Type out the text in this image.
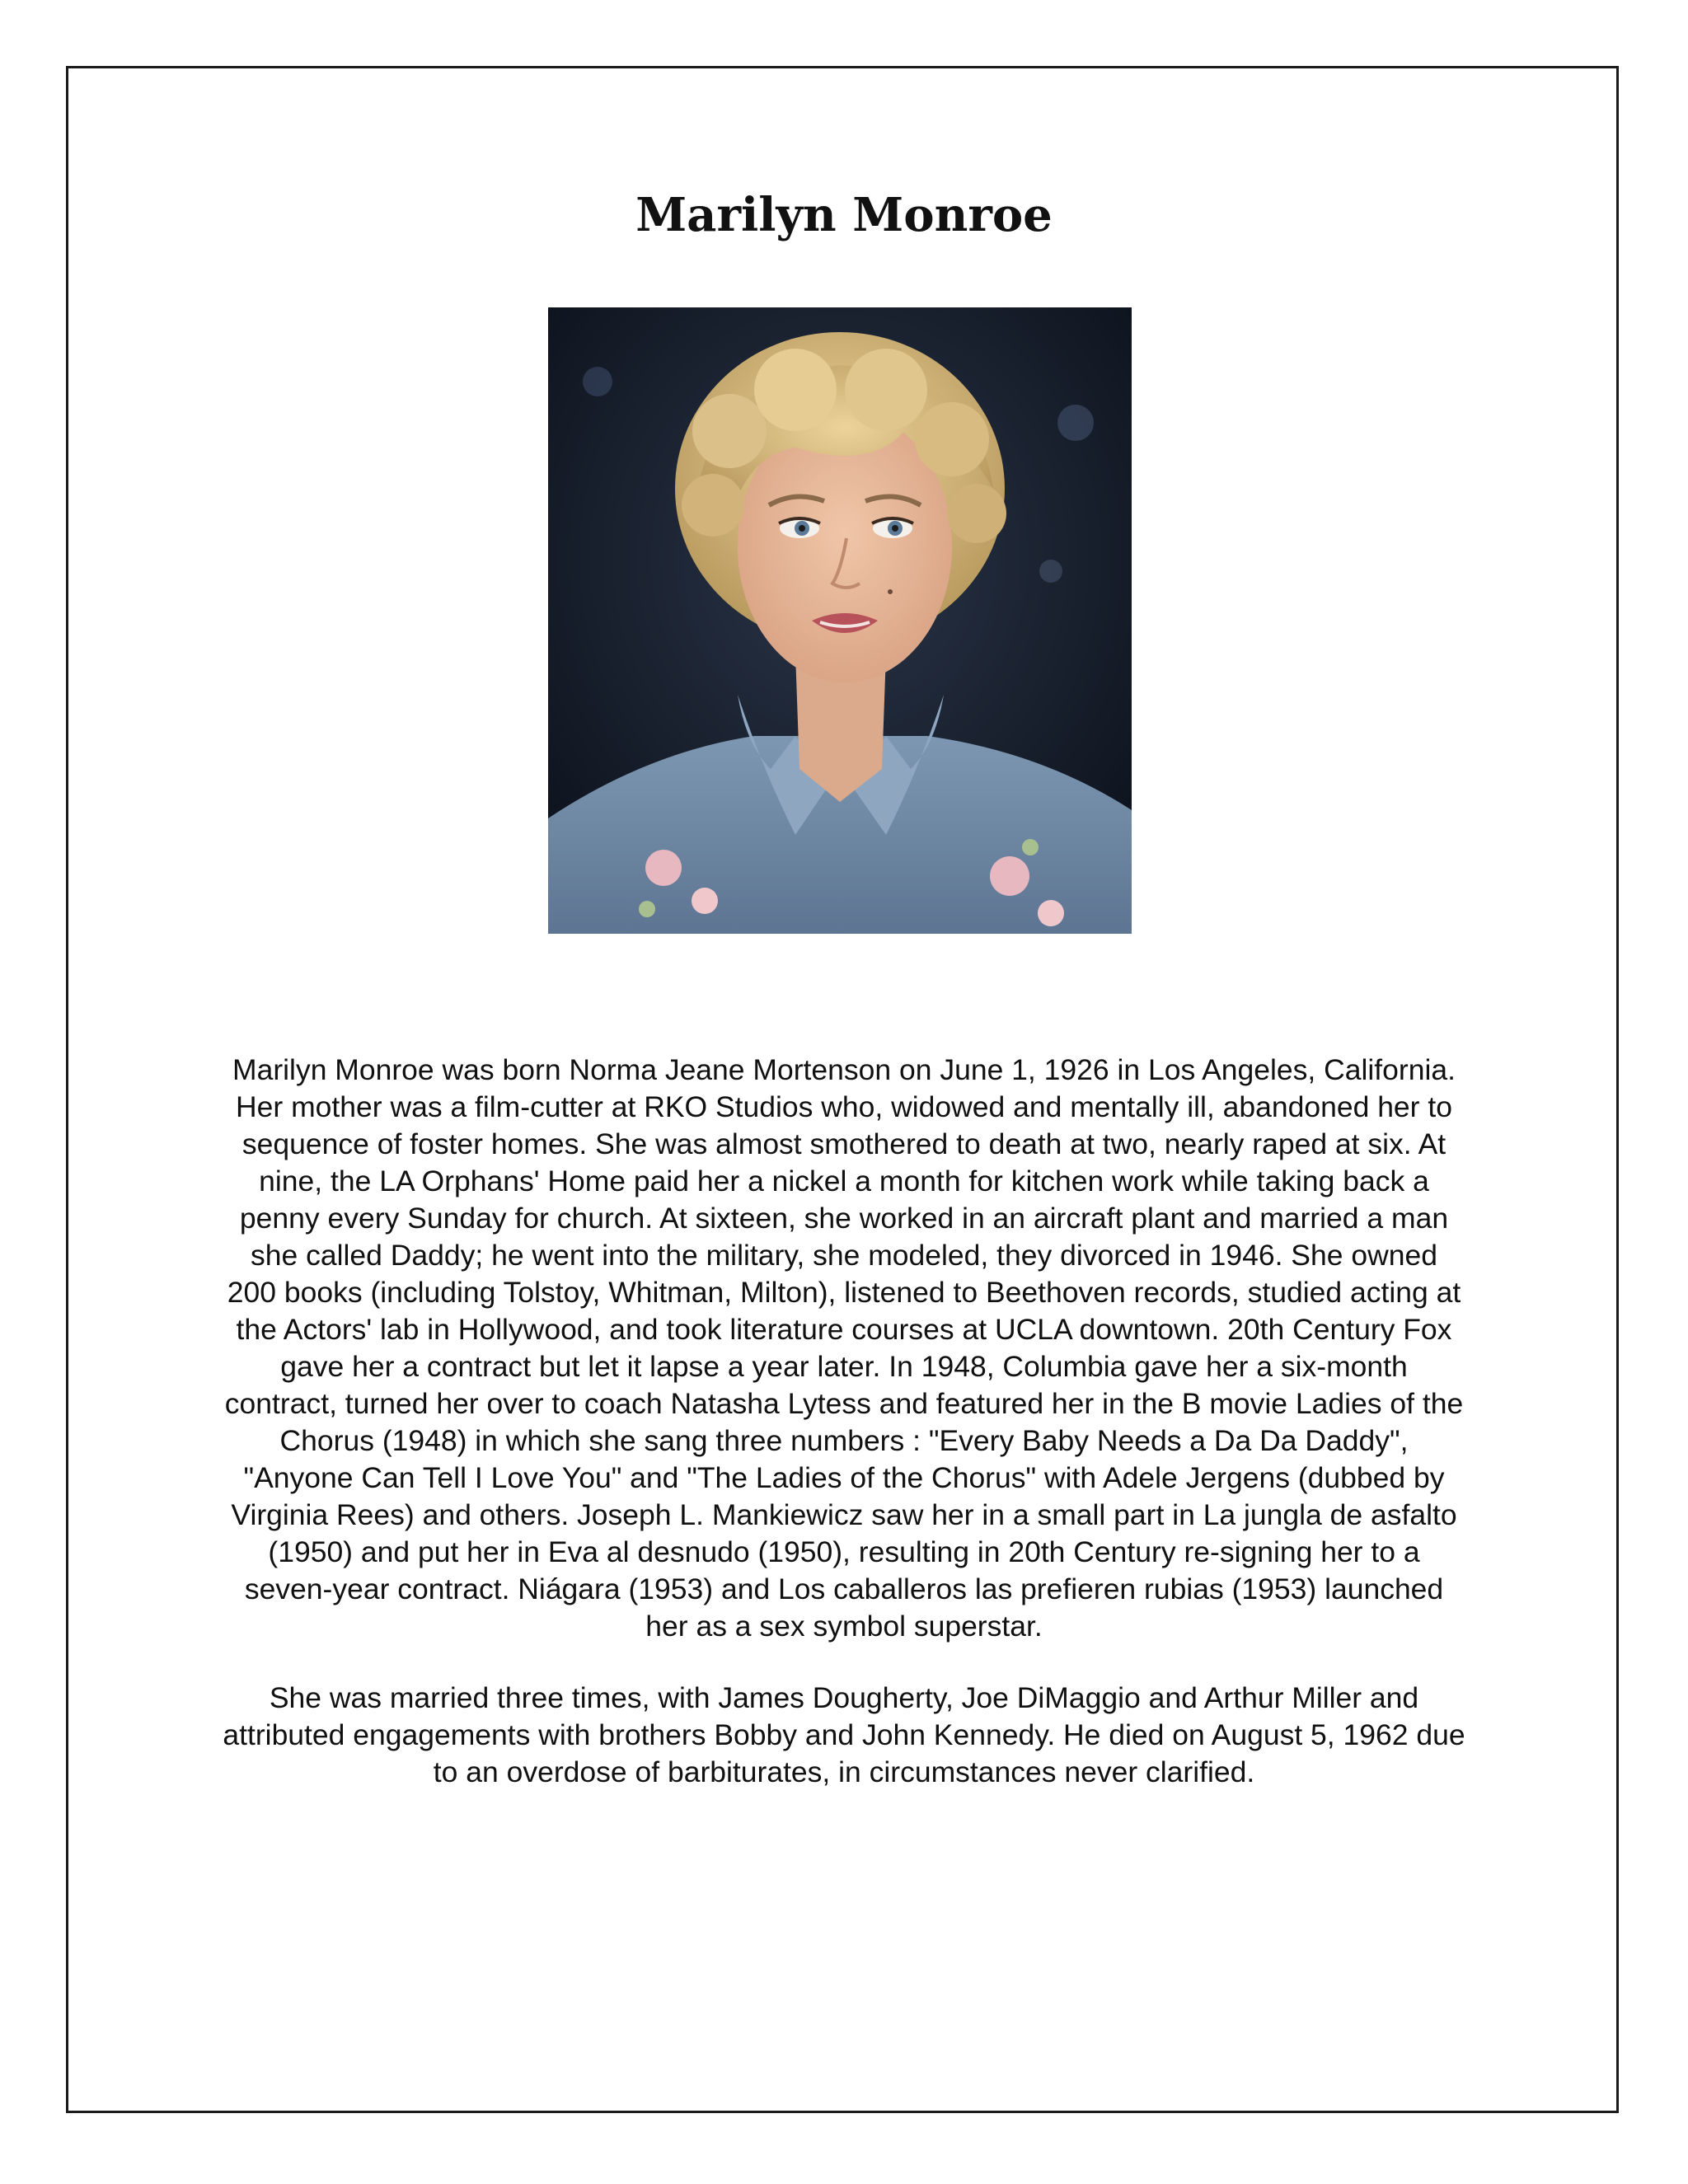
Marilyn Monroe

Marilyn Monroe was born Norma Jeane Mortenson on June 1, 1926 in Los Angeles, California. Her mother was a film-cutter at RKO Studios who, widowed and mentally ill, abandoned her to sequence of foster homes. She was almost smothered to death at two, nearly raped at six. At nine, the LA Orphans' Home paid her a nickel a month for kitchen work while taking back a penny every Sunday for church. At sixteen, she worked in an aircraft plant and married a man she called Daddy; he went into the military, she modeled, they divorced in 1946. She owned 200 books (including Tolstoy, Whitman, Milton), listened to Beethoven records, studied acting at the Actors' lab in Hollywood, and took literature courses at UCLA downtown. 20th Century Fox gave her a contract but let it lapse a year later. In 1948, Columbia gave her a six-month contract, turned her over to coach Natasha Lytess and featured her in the B movie Ladies of the Chorus (1948) in which she sang three numbers : "Every Baby Needs a Da Da Daddy", "Anyone Can Tell I Love You" and "The Ladies of the Chorus" with Adele Jergens (dubbed by Virginia Rees) and others. Joseph L. Mankiewicz saw her in a small part in La jungla de asfalto (1950) and put her in Eva al desnudo (1950), resulting in 20th Century re-signing her to a seven-year contract. Niágara (1953) and Los caballeros las prefieren rubias (1953) launched her as a sex symbol superstar.

She was married three times, with James Dougherty, Joe DiMaggio and Arthur Miller and attributed engagements with brothers Bobby and John Kennedy. He died on August 5, 1962 due to an overdose of barbiturates, in circumstances never clarified.
